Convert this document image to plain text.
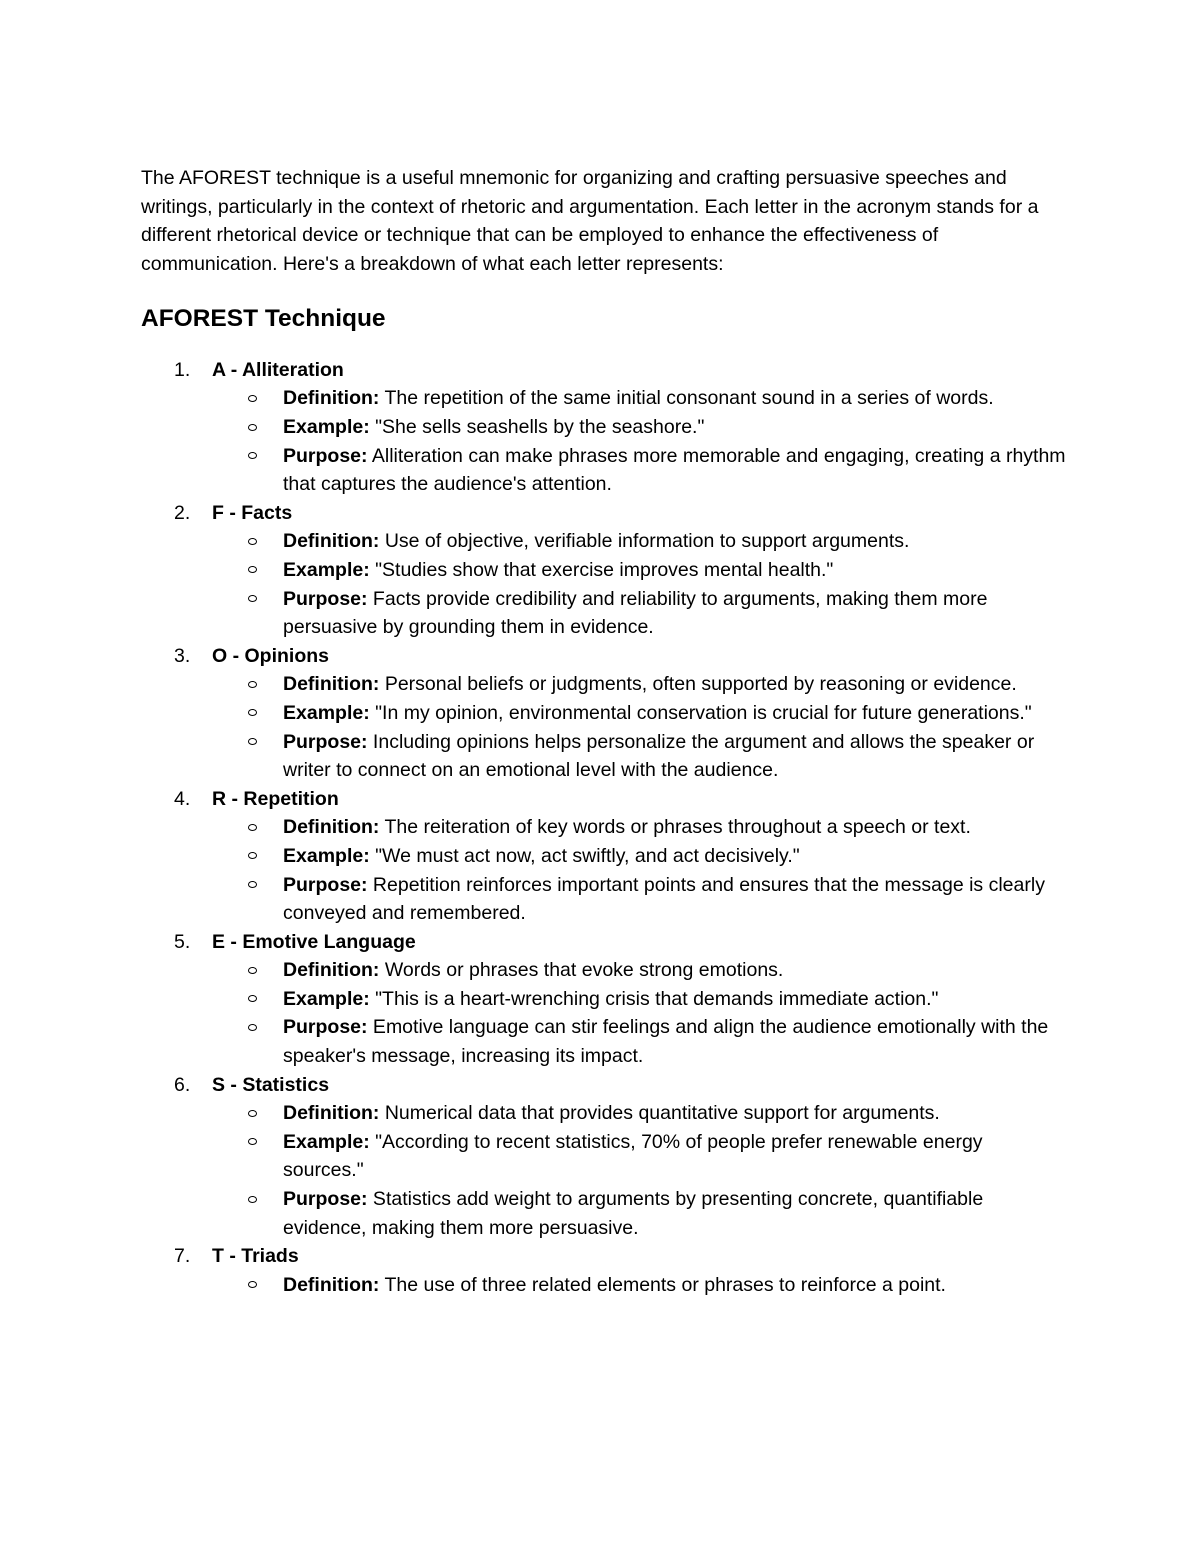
The AFOREST technique is a useful mnemonic for organizing and crafting persuasive speeches and writings, particularly in the context of rhetoric and argumentation. Each letter in the acronym stands for a different rhetorical device or technique that can be employed to enhance the effectiveness of communication. Here's a breakdown of what each letter represents:

AFOREST Technique
1. A - Alliteration
Definition: The repetition of the same initial consonant sound in a series of words.
Example: "She sells seashells by the seashore."
Purpose: Alliteration can make phrases more memorable and engaging, creating a rhythm that captures the audience's attention.
2. F - Facts
Definition: Use of objective, verifiable information to support arguments.
Example: "Studies show that exercise improves mental health."
Purpose: Facts provide credibility and reliability to arguments, making them more persuasive by grounding them in evidence.
3. O - Opinions
Definition: Personal beliefs or judgments, often supported by reasoning or evidence.
Example: "In my opinion, environmental conservation is crucial for future generations."
Purpose: Including opinions helps personalize the argument and allows the speaker or writer to connect on an emotional level with the audience.
4. R - Repetition
Definition: The reiteration of key words or phrases throughout a speech or text.
Example: "We must act now, act swiftly, and act decisively."
Purpose: Repetition reinforces important points and ensures that the message is clearly conveyed and remembered.
5. E - Emotive Language
Definition: Words or phrases that evoke strong emotions.
Example: "This is a heart-wrenching crisis that demands immediate action."
Purpose: Emotive language can stir feelings and align the audience emotionally with the speaker's message, increasing its impact.
6. S - Statistics
Definition: Numerical data that provides quantitative support for arguments.
Example: "According to recent statistics, 70% of people prefer renewable energy sources."
Purpose: Statistics add weight to arguments by presenting concrete, quantifiable evidence, making them more persuasive.
7. T - Triads
Definition: The use of three related elements or phrases to reinforce a point.
